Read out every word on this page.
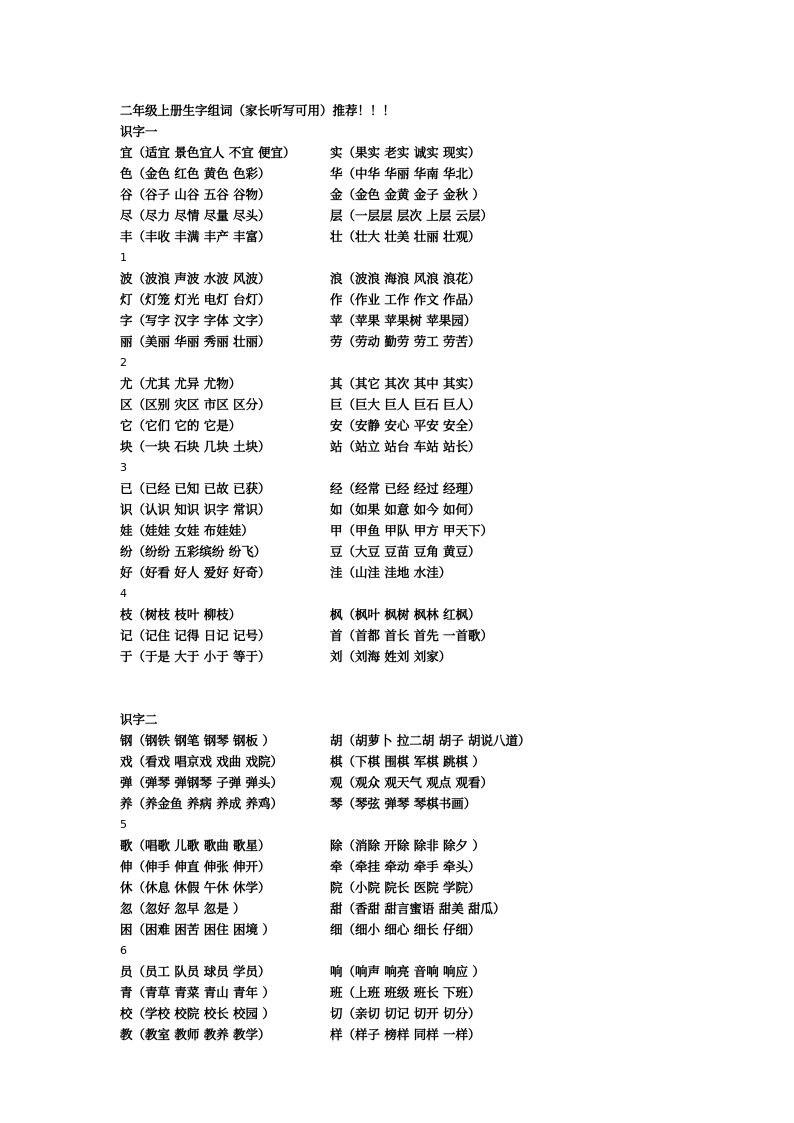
二年级上册生字组词（家长听写可用）推荐！！！
识字一
宜（适宜 景色宜人 不宜 便宜）	实（果实 老实 诚实 现实）
色（金色 红色 黄色 色彩）	华（中华 华丽 华南 华北）
谷（谷子 山谷 五谷 谷物）	金（金色 金黄 金子 金秋 ）
尽（尽力 尽情 尽量 尽头）	层（一层层 层次 上层 云层）
丰（丰收 丰满 丰产 丰富）	壮（壮大 壮美 壮丽 壮观）
1
波（波浪 声波 水波 风波）	浪（波浪 海浪 风浪 浪花）
灯（灯笼 灯光 电灯 台灯）	作（作业 工作 作文 作品）
字（写字 汉字 字体 文字）	苹（苹果 苹果树 苹果园）
丽（美丽 华丽 秀丽 壮丽）	劳（劳动 勤劳 劳工 劳苦）
2
尤（尤其 尤异 尤物）	其（其它 其次 其中 其实）
区（区别 灾区 市区 区分）	巨（巨大 巨人 巨石 巨人）
它（它们 它的 它是）	安（安静 安心 平安 安全）
块（一块 石块 几块 土块）	站（站立 站台 车站 站长）
3
已（已经 已知 已故 已获）	经（经常 已经 经过 经理）
识（认识 知识 识字 常识）	如（如果 如意 如今 如何）
娃（娃娃 女娃 布娃娃）	甲（甲鱼 甲队 甲方 甲天下）
纷（纷纷 五彩缤纷 纷飞）	豆（大豆 豆苗 豆角 黄豆）
好（好看 好人 爱好 好奇）	洼（山洼 洼地 水洼）
4
枝（树枝 枝叶 柳枝）	枫（枫叶 枫树 枫林 红枫）
记（记住 记得 日记 记号）	首（首都 首长 首先 一首歌）
于（于是 大于 小于 等于）	刘（刘海 姓刘 刘家）
识字二
钢（钢铁 钢笔 钢琴 钢板 ）	胡（胡萝卜 拉二胡 胡子 胡说八道）
戏（看戏 唱京戏 戏曲 戏院）	棋（下棋 围棋 军棋 跳棋 ）
弹（弹琴 弹钢琴 子弹 弹头）	观（观众 观天气 观点 观看）
养（养金鱼 养病 养成 养鸡）	琴（琴弦 弹琴 琴棋书画）
5
歌（唱歌 儿歌 歌曲 歌星）	除（消除 开除 除非 除夕 ）
伸（伸手 伸直 伸张 伸开）	牵（牵挂 牵动 牵手 牵头）
休（休息 休假 午休 休学）	院（小院 院长 医院 学院）
忽（忽好 忽早 忽是 ）	甜（香甜 甜言蜜语 甜美 甜瓜）
困（困难 困苦 困住 困境 ）	细（细小 细心 细长 仔细）
6
员（员工 队员 球员 学员）	响（响声 响亮 音响 响应 ）
青（青草 青菜 青山 青年 ）	班（上班 班级 班长 下班）
校（学校 校院 校长 校园 ）	切（亲切 切记 切开 切分）
教（教室 教师 教养 教学）	样（样子 榜样 同样 一样）
